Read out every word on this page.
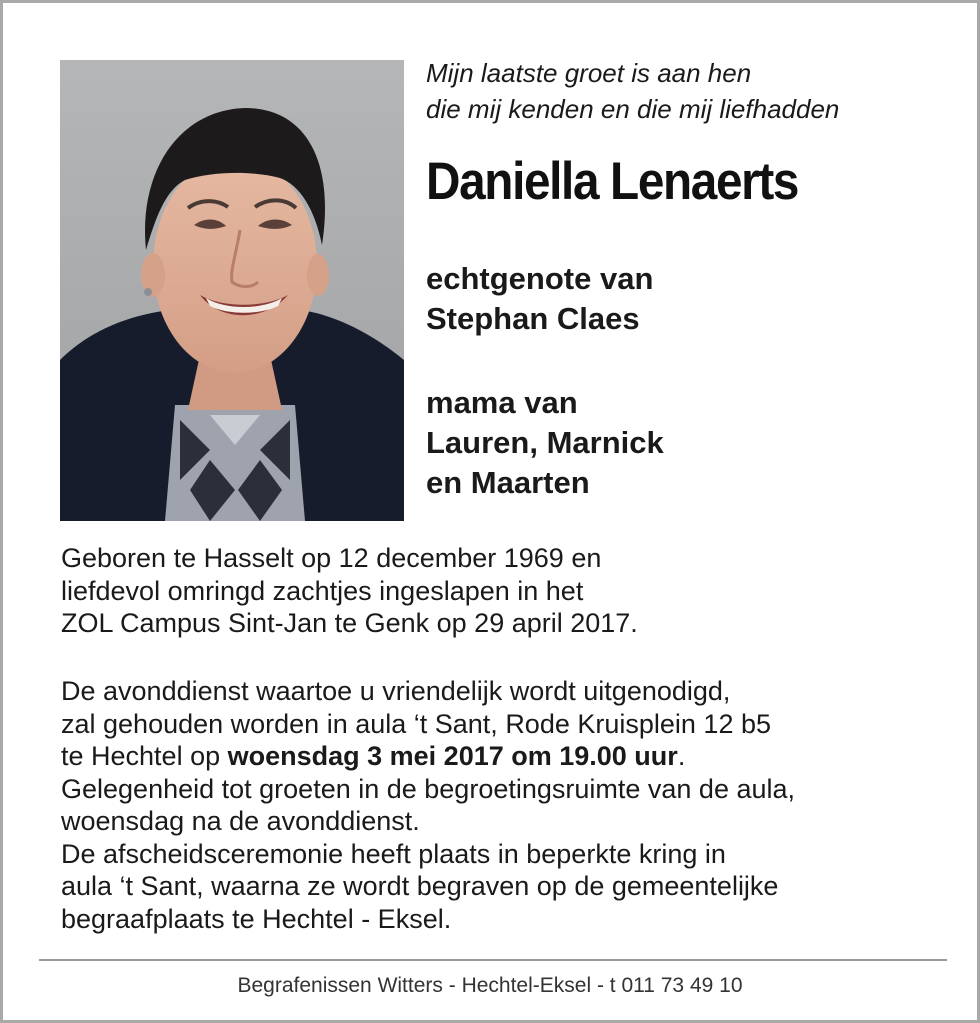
Mijn laatste groet is aan hen
die mij kenden en die mij liefhadden
Daniella Lenaerts
echtgenote van
Stephan Claes
mama van
Lauren, Marnick
en Maarten
Geboren te Hasselt op 12 december 1969 en
liefdevol omringd zachtjes ingeslapen in het
ZOL Campus Sint-Jan te Genk op 29 april 2017.
De avonddienst waartoe u vriendelijk wordt uitgenodigd,
zal gehouden worden in aula ‘t Sant, Rode Kruisplein 12 b5
te Hechtel op woensdag 3 mei 2017 om 19.00 uur.
Gelegenheid tot groeten in de begroetingsruimte van de aula,
woensdag na de avonddienst.
De afscheidsceremonie heeft plaats in beperkte kring in
aula ‘t Sant, waarna ze wordt begraven op de gemeentelijke
begraafplaats te Hechtel - Eksel.
Begrafenissen Witters - Hechtel-Eksel - t 011 73 49 10
